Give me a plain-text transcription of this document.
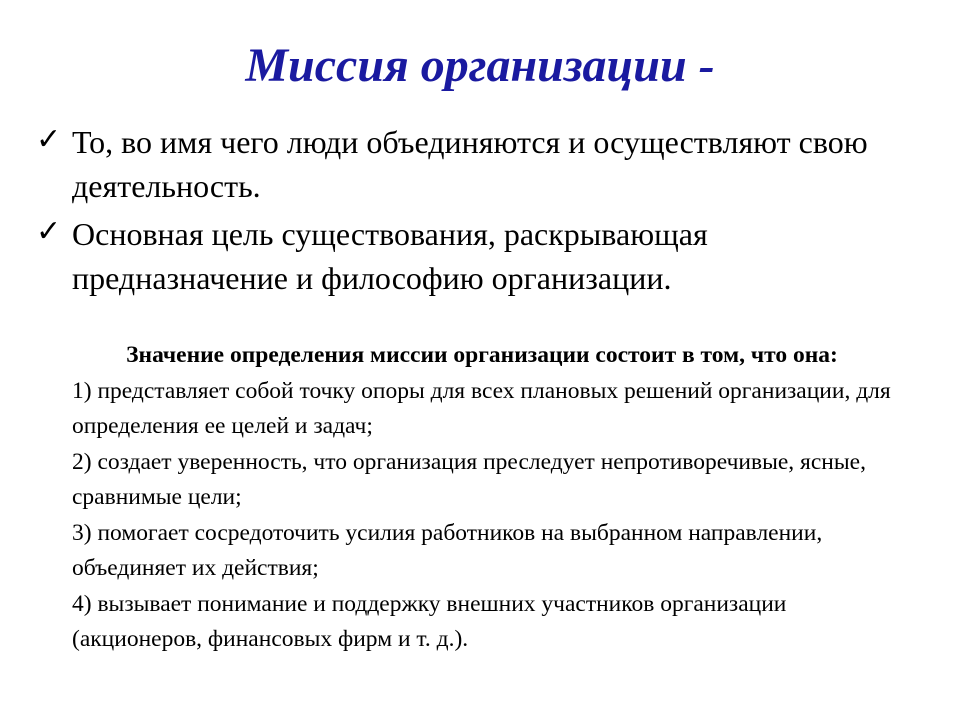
Миссия организации -
✓ То, во имя чего люди объединяются и осуществляют свою деятельность.
✓ Основная цель существования, раскрывающая предназначение и философию организации.

Значение определения миссии организации состоит в том, что она:

1) представляет собой точку опоры для всех плановых решений организации, для определения ее целей и задач;
2) создает уверенность, что организация преследует непротиворечивые, ясные, сравнимые цели;
3) помогает сосредоточить усилия работников на выбранном направлении, объединяет их действия;
4) вызывает понимание и поддержку внешних участников организации (акционеров, финансовых фирм и т. д.).
